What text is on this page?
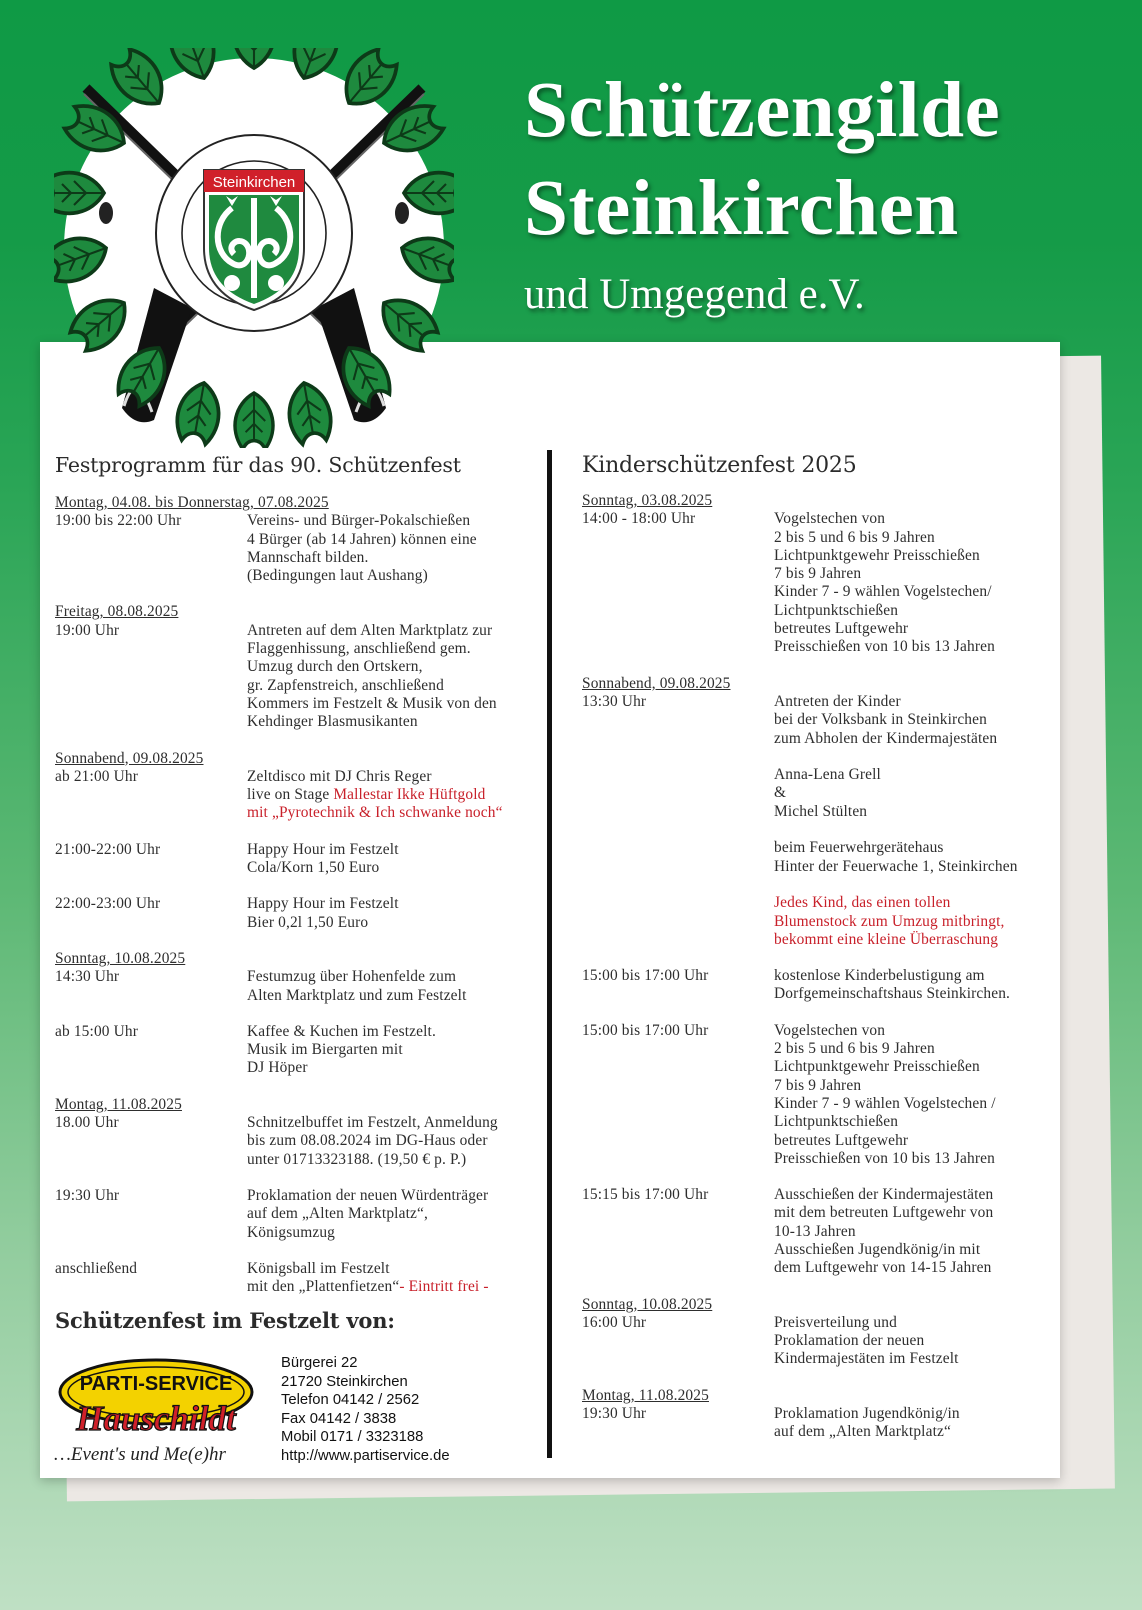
Schützengilde
Steinkirchen
und Umgegend e.V.
Steinkirchen
Festprogramm für das 90. Schützenfest	Kinderschützenfest 2025
Montag, 04.08. bis Donnerstag, 07.08.2025
19:00 bis 22:00 Uhr	Vereins- und Bürger-Pokalschießen
4 Bürger (ab 14 Jahren) können eine
Mannschaft bilden.
(Bedingungen laut Aushang)
Freitag, 08.08.2025
19:00 Uhr	Antreten auf dem Alten Marktplatz zur
Flaggenhissung, anschließend gem.
Umzug durch den Ortskern,
gr. Zapfenstreich, anschließend
Kommers im Festzelt & Musik von den
Kehdinger Blasmusikanten
Sonnabend, 09.08.2025
ab 21:00 Uhr	Zeltdisco mit DJ Chris Reger
live on Stage Mallestar Ikke Hüftgold
mit „Pyrotechnik & Ich schwanke noch“
21:00-22:00 Uhr	Happy Hour im Festzelt
Cola/Korn 1,50 Euro
22:00-23:00 Uhr	Happy Hour im Festzelt
Bier 0,2l 1,50 Euro
Sonntag, 10.08.2025
14:30 Uhr	Festumzug über Hohenfelde zum
Alten Marktplatz und zum Festzelt
ab 15:00 Uhr	Kaffee & Kuchen im Festzelt.
Musik im Biergarten mit
DJ Höper
Montag, 11.08.2025
18.00 Uhr	Schnitzelbuffet im Festzelt, Anmeldung
bis zum 08.08.2024 im DG-Haus oder
unter 01713323188. (19,50 € p. P.)
19:30 Uhr	Proklamation der neuen Würdenträger
auf dem „Alten Marktplatz“,
Königsumzug
anschließend	Königsball im Festzelt
mit den „Plattenfietzen“- Eintritt frei -
Sonntag, 03.08.2025
14:00 - 18:00 Uhr	Vogelstechen von
2 bis 5 und 6 bis 9 Jahren
Lichtpunktgewehr Preisschießen
7 bis 9 Jahren
Kinder 7 - 9 wählen Vogelstechen/
Lichtpunktschießen
betreutes Luftgewehr
Preisschießen von 10 bis 13 Jahren
Sonnabend, 09.08.2025
13:30 Uhr	Antreten der Kinder
bei der Volksbank in Steinkirchen
zum Abholen der Kindermajestäten

Anna-Lena Grell
&
Michel Stülten

beim Feuerwehrgerätehaus
Hinter der Feuerwache 1, Steinkirchen

Jedes Kind, das einen tollen
Blumenstock zum Umzug mitbringt,
bekommt eine kleine Überraschung
15:00 bis 17:00 Uhr	kostenlose Kinderbelustigung am
Dorfgemeinschaftshaus Steinkirchen.
15:00 bis 17:00 Uhr	Vogelstechen von
2 bis 5 und 6 bis 9 Jahren
Lichtpunktgewehr Preisschießen
7 bis 9 Jahren
Kinder 7 - 9 wählen Vogelstechen /
Lichtpunktschießen
betreutes Luftgewehr
Preisschießen von 10 bis 13 Jahren
15:15 bis 17:00 Uhr	Ausschießen der Kindermajestäten
mit dem betreuten Luftgewehr von
10-13 Jahren
Ausschießen Jugendkönig/in mit
dem Luftgewehr von 14-15 Jahren
Sonntag, 10.08.2025
16:00 Uhr	Preisverteilung und
Proklamation der neuen
Kindermajestäten im Festzelt
Montag, 11.08.2025
19:30 Uhr	Proklamation Jugendkönig/in
auf dem „Alten Marktplatz“
Schützenfest im Festzelt von:
PARTI-SERVICE
Hauschildt
…Event's und Me(e)hr
Bürgerei 22
21720 Steinkirchen
Telefon 04142 / 2562
Fax 04142 / 3838
Mobil 0171 / 3323188
http://www.partiservice.de
